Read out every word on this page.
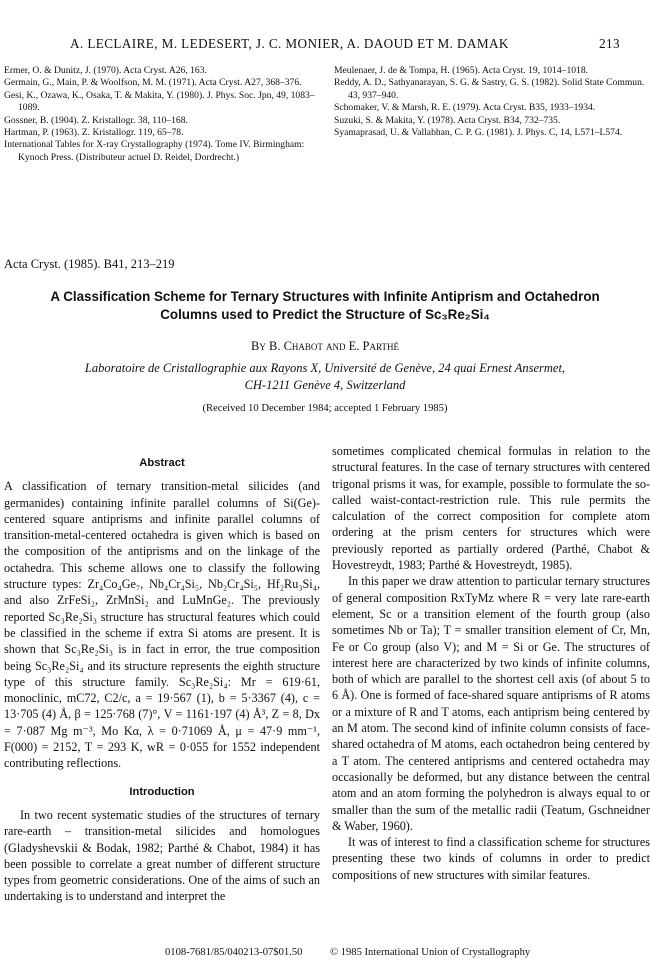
A. LECLAIRE, M. LEDESERT, J. C. MONIER, A. DAOUD ET M. DAMAK	213
Ermer, O. & Dunitz, J. (1970). Acta Cryst. A26, 163.
Germain, G., Main, P. & Woolfson, M. M. (1971). Acta Cryst. A27, 368–376.
Gesi, K., Ozawa, K., Osaka, T. & Makita, Y. (1980). J. Phys. Soc. Jpn, 49, 1083–1089.
Gossner, B. (1904). Z. Kristallogr. 38, 110–168.
Hartman, P. (1963). Z. Kristallogr. 119, 65–78.
International Tables for X-ray Crystallography (1974). Tome IV. Birmingham: Kynoch Press. (Distributeur actuel D. Reidel, Dordrecht.)
Meulenaer, J. de & Tompa, H. (1965). Acta Cryst. 19, 1014–1018.
Reddy, A. D., Sathyanarayan, S. G. & Sastry, G. S. (1982). Solid State Commun. 43, 937–940.
Schomaker, V. & Marsh, R. E. (1979). Acta Cryst. B35, 1933–1934.
Suzuki, S. & Makita, Y. (1978). Acta Cryst. B34, 732–735.
Syamaprasad, U. & Vallabhan, C. P. G. (1981). J. Phys. C, 14, L571–L574.
Acta Cryst. (1985). B41, 213–219
A Classification Scheme for Ternary Structures with Infinite Antiprism and Octahedron
Columns used to Predict the Structure of Sc₃Re₂Si₄
By B. Chabot and E. Parthé
Laboratoire de Cristallographie aux Rayons X, Université de Genève, 24 quai Ernest Ansermet,
CH-1211 Genève 4, Switzerland
(Received 10 December 1984; accepted 1 February 1985)
Abstract

A classification of ternary transition-metal silicides (and germanides) containing infinite parallel columns of Si(Ge)-centered square antiprisms and infinite parallel columns of transition-metal-centered octahedra is given which is based on the composition of the antiprisms and on the linkage of the octahedra. This scheme allows one to classify the following structure types: Zr₄Co₄Ge₇, Nb₄Cr₄Si₅, Nb₂Cr₄Si₅, Hf₂Ru₃Si₄, and also ZrFeSi₂, ZrMnSi₂ and LuMnGe₂. The previously reported Sc₃Re₂Si₃ structure has structural features which could be classified in the scheme if extra Si atoms are present. It is shown that Sc₃Re₂Si₃ is in fact in error, the true composition being Sc₃Re₂Si₄ and its structure represents the eighth structure type of this structure family. Sc₃Re₂Si₄: Mr = 619·61, monoclinic, mC72, C2/c, a = 19·567 (1), b = 5·3367 (4), c = 13·705 (4) Å, β = 125·768 (7)°, V = 1161·197 (4) Å³, Z = 8, Dx = 7·087 Mg m⁻³, Mo Kα, λ = 0·71069 Å, μ = 47·9 mm⁻¹, F(000) = 2152, T = 293 K, wR = 0·055 for 1552 independent contributing reflections.

Introduction

In two recent systematic studies of the structures of ternary rare-earth – transition-metal silicides and homologues (Gladyshevskii & Bodak, 1982; Parthé & Chabot, 1984) it has been possible to correlate a great number of different structure types from geometric considerations. One of the aims of such an undertaking is to understand and interpret the

sometimes complicated chemical formulas in relation to the structural features. In the case of ternary structures with centered trigonal prisms it was, for example, possible to formulate the so-called waist-contact-restriction rule. This rule permits the calculation of the correct composition for complete atom ordering at the prism centers for structures which were previously reported as partially ordered (Parthé, Chabot & Hovestreydt, 1983; Parthé & Hovestreydt, 1985).

In this paper we draw attention to particular ternary structures of general composition RxTyMz where R = very late rare-earth element, Sc or a transition element of the fourth group (also sometimes Nb or Ta); T = smaller transition element of Cr, Mn, Fe or Co group (also V); and M = Si or Ge. The structures of interest here are characterized by two kinds of infinite columns, both of which are parallel to the shortest cell axis (of about 5 to 6 Å). One is formed of face-shared square antiprisms of R atoms or a mixture of R and T atoms, each antiprism being centered by an M atom. The second kind of infinite column consists of face-shared octahedra of M atoms, each octahedron being centered by a T atom. The centered antiprisms and centered octahedra may occasionally be deformed, but any distance between the central atom and an atom forming the polyhedron is always equal to or smaller than the sum of the metallic radii (Teatum, Gschneidner & Waber, 1960).

It was of interest to find a classification scheme for structures presenting these two kinds of columns in order to predict compositions of new structures with similar features.

0108-7681/85/040213-07$01.50	© 1985 International Union of Crystallography
